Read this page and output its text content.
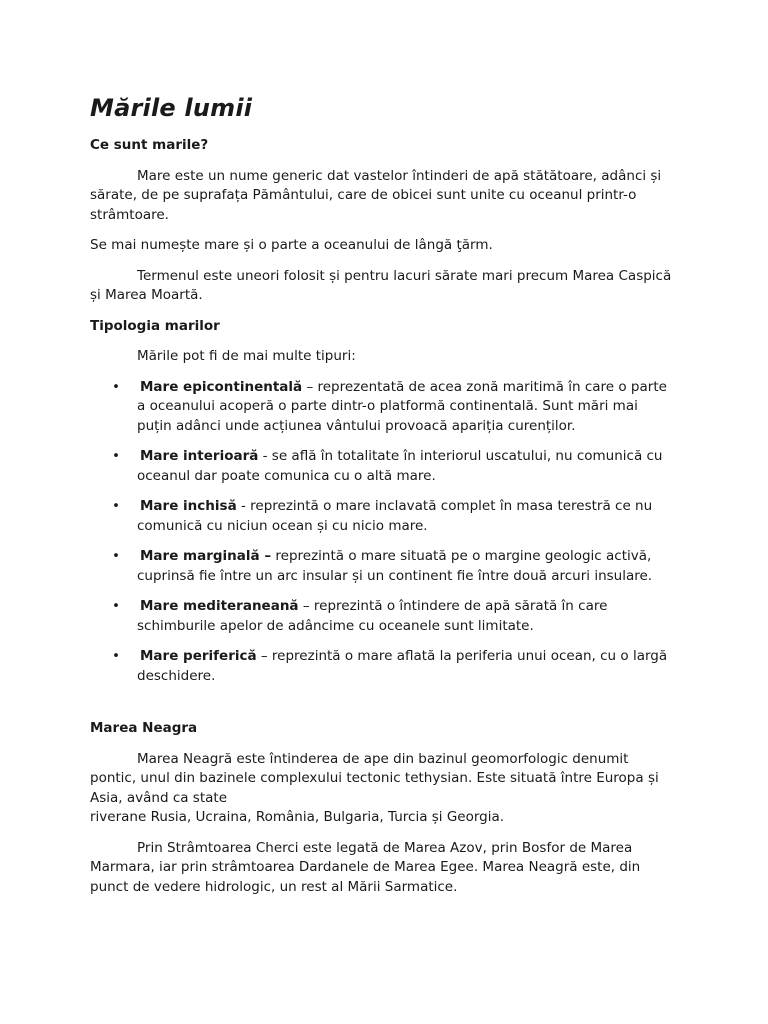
Mările lumii
Ce sunt marile?

Mare este un nume generic dat vastelor întinderi de apă stătătoare, adânci și sărate, de pe suprafața Pământului, care de obicei sunt unite cu oceanul printr-o strâmtoare.

Se mai numește mare și o parte a oceanului de lângă ţărm.

Termenul este uneori folosit și pentru lacuri sărate mari precum Marea Caspică și Marea Moartă.

Tipologia marilor

Mările pot fi de mai multe tipuri:

• Mare epicontinentală – reprezentată de acea zonă maritimă în care o parte a oceanului acoperă o parte dintr-o platformă continentală. Sunt mări mai puțin adânci unde acțiunea vântului provoacă apariția curenților.
• Mare interioară - se află în totalitate în interiorul uscatului, nu comunică cu oceanul dar poate comunica cu o altă mare.
• Mare inchisă - reprezintă o mare inclavată complet în masa terestră ce nu comunică cu niciun ocean și cu nicio mare.
• Mare marginală – reprezintă o mare situată pe o margine geologic activă, cuprinsă fie între un arc insular și un continent fie între două arcuri insulare.
• Mare mediteraneană – reprezintă o întindere de apă sărată în care schimburile apelor de adâncime cu oceanele sunt limitate.
• Mare periferică – reprezintă o mare aflată la periferia unui ocean, cu o largă deschidere.
Marea Neagra

Marea Neagră este întinderea de ape din bazinul geomorfologic denumit pontic, unul din bazinele complexului tectonic tethysian. Este situată între Europa și Asia, având ca state
riverane Rusia, Ucraina, România, Bulgaria, Turcia și Georgia.

Prin Strâmtoarea Cherci este legată de Marea Azov, prin Bosfor de Marea Marmara, iar prin strâmtoarea Dardanele de Marea Egee. Marea Neagră este, din punct de vedere hidrologic, un rest al Mării Sarmatice.
